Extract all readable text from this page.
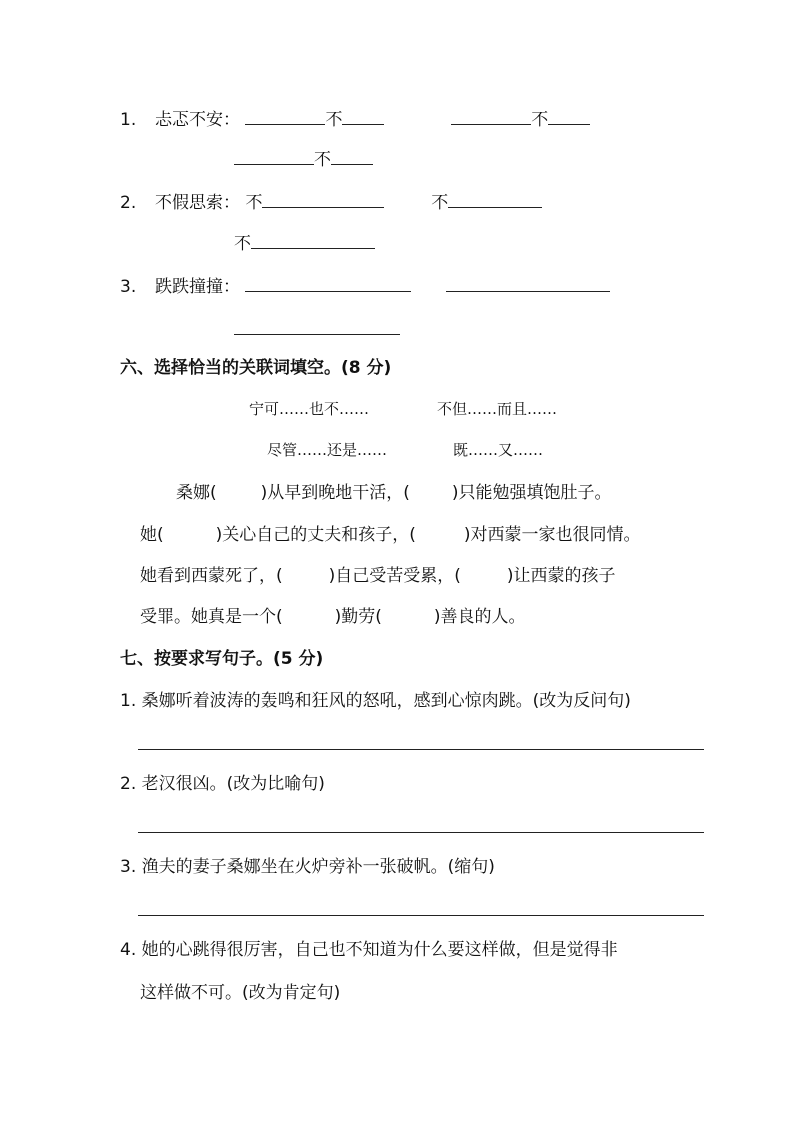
1. 忐忑不安：	不	不
不
2. 不假思索： 不	不
不
3. 跌跌撞撞：
六、选择恰当的关联词填空。(8 分)
宁可……也不……	不但……而且……
尽管……还是……	既……又……
桑娜(	)从早到晚地干活，( )只能勉强填饱肚子。
她(	)关心自己的丈夫和孩子，(	)对西蒙一家也很同情。
她看到西蒙死了，(	)自己受苦受累，(	)让西蒙的孩子
受罪。她真是一个(	)勤劳(	)善良的人。
七、按要求写句子。(5 分)
1. 桑娜听着波涛的轰鸣和狂风的怒吼，感到心惊肉跳。(改为反问句)
2. 老汉很凶。(改为比喻句)
3. 渔夫的妻子桑娜坐在火炉旁补一张破帆。(缩句)
4. 她的心跳得很厉害，自己也不知道为什么要这样做，但是觉得非
这样做不可。(改为肯定句)
